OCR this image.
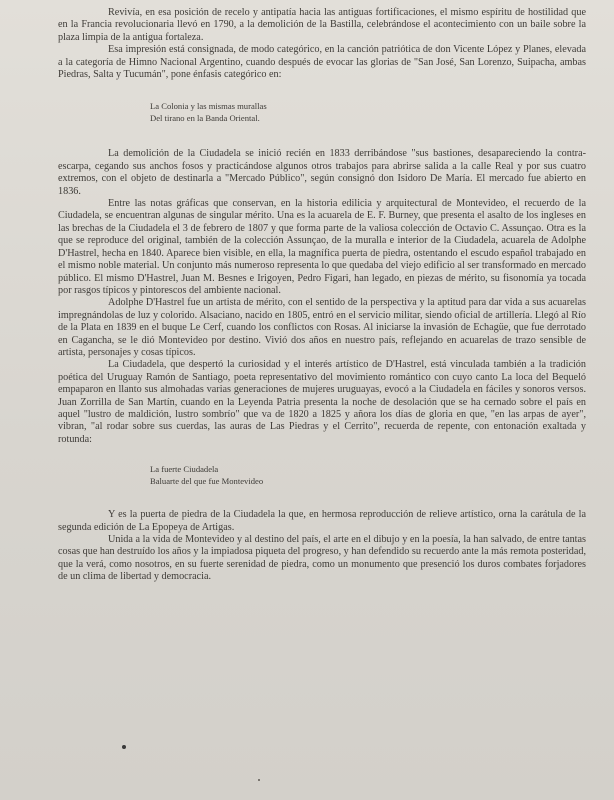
Revivía, en esa posición de recelo y antipatía hacia las antiguas fortificaciones, el mismo espíritu de hostilidad que en la Francia revolucionaria llevó en 1790, a la demolición de la Bastilla, celebrándose el acontecimiento con un baile sobre la plaza limpia de la antigua fortaleza.

Esa impresión está consignada, de modo categórico, en la canción patriótica de don Vicente López y Planes, elevada a la categoría de Himno Nacional Argentino, cuando después de evocar las glorias de "San José, San Lorenzo, Suipacha, ambas Piedras, Salta y Tucumán", pone énfasis categórico en:

La Colonia y las mismas murallas

Del tirano en la Banda Oriental.

La demolición de la Ciudadela se inició recién en 1833 derribándose "sus bastiones, desapareciendo la contra-escarpa, cegando sus anchos fosos y practicándose algunos otros trabajos para abrirse salida a la calle Real y por sus cuatro extremos, con el objeto de destinarla a "Mercado Público", según consignó don Isidoro De María. El mercado fue abierto en 1836.

Entre las notas gráficas que conservan, en la historia edilicia y arquitectural de Montevideo, el recuerdo de la Ciudadela, se encuentran algunas de singular mérito. Una es la acuarela de E. F. Burney, que presenta el asalto de los ingleses en las brechas de la Ciudadela el 3 de febrero de 1807 y que forma parte de la valiosa colección de Octavio C. Assunçao. Otra es la que se reproduce del original, también de la colección Assunçao, de la muralla e interior de la Ciudadela, acuarela de Adolphe D'Hastrel, hecha en 1840. Aparece bien visible, en ella, la magnífica puerta de piedra, ostentando el escudo español trabajado en el mismo noble material. Un conjunto más numeroso representa lo que quedaba del viejo edificio al ser transformado en mercado público. El mismo D'Hastrel, Juan M. Besnes e Irigoyen, Pedro Figari, han legado, en piezas de mérito, su fisonomía ya tocada por rasgos típicos y pintorescos del ambiente nacional.

Adolphe D'Hastrel fue un artista de mérito, con el sentido de la perspectiva y la aptitud para dar vida a sus acuarelas impregnándolas de luz y colorido. Alsaciano, nacido en 1805, entró en el servicio militar, siendo oficial de artillería. Llegó al Río de la Plata en 1839 en el buque Le Cerf, cuando los conflictos con Rosas. Al iniciarse la invasión de Echagüe, que fue derrotado en Cagancha, se le dió Montevideo por destino. Vivió dos años en nuestro país, reflejando en acuarelas de trazo sensible de artista, personajes y cosas típicos.

La Ciudadela, que despertó la curiosidad y el interés artístico de D'Hastrel, está vinculada también a la tradición poética del Uruguay Ramón de Santiago, poeta representativo del movimiento romántico con cuyo canto La loca del Bequeló empaparon en llanto sus almohadas varias generaciones de mujeres uruguayas, evocó a la Ciudadela en fáciles y sonoros versos. Juan Zorrilla de San Martín, cuando en la Leyenda Patria presenta la noche de desolación que se ha cernado sobre el país en aquel "lustro de maldición, lustro sombrío" que va de 1820 a 1825 y añora los días de gloria en que, "en las arpas de ayer", vibran, "al rodar sobre sus cuerdas, las auras de Las Piedras y el Cerrito", recuerda de repente, con entonación exaltada y rotunda:

La fuerte Ciudadela

Baluarte del que fue Montevideo

Y es la puerta de piedra de la Ciudadela la que, en hermosa reproducción de relieve artístico, orna la carátula de la segunda edición de La Epopeya de Artigas.

Unida a la vida de Montevideo y al destino del país, el arte en el dibujo y en la poesía, la han salvado, de entre tantas cosas que han destruído los años y la impiadosa piqueta del progreso, y han defendido su recuerdo ante la más remota posteridad, que la verá, como nosotros, en su fuerte serenidad de piedra, como un monumento que presenció los duros combates forjadores de un clima de libertad y democracia.
